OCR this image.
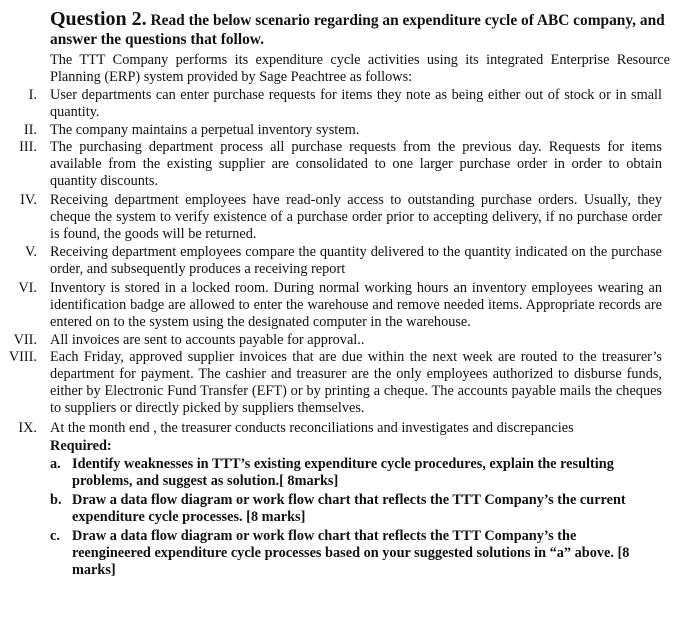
Question 2. Read the below scenario regarding an expenditure cycle of ABC company, and answer the questions that follow.
The TTT Company performs its expenditure cycle activities using its integrated Enterprise Resource Planning (ERP) system provided by Sage Peachtree as follows:
I. User departments can enter purchase requests for items they note as being either out of stock or in small quantity.
II. The company maintains a perpetual inventory system.
III. The purchasing department process all purchase requests from the previous day. Requests for items available from the existing supplier are consolidated to one larger purchase order in order to obtain quantity discounts.
IV. Receiving department employees have read-only access to outstanding purchase orders. Usually, they cheque the system to verify existence of a purchase order prior to accepting delivery, if no purchase order is found, the goods will be returned.
V. Receiving department employees compare the quantity delivered to the quantity indicated on the purchase order, and subsequently produces a receiving report
VI. Inventory is stored in a locked room. During normal working hours an inventory employees wearing an identification badge are allowed to enter the warehouse and remove needed items. Appropriate records are entered on to the system using the designated computer in the warehouse.
VII. All invoices are sent to accounts payable for approval..
VIII. Each Friday, approved supplier invoices that are due within the next week are routed to the treasurer’s department for payment. The cashier and treasurer are the only employees authorized to disburse funds, either by Electronic Fund Transfer (EFT) or by printing a cheque. The accounts payable mails the cheques to suppliers or directly picked by suppliers themselves.
IX. At the month end , the treasurer conducts reconciliations and investigates and discrepancies
Required:
a. Identify weaknesses in TTT’s existing expenditure cycle procedures, explain the resulting problems, and suggest as solution.[ 8marks]
b. Draw a data flow diagram or work flow chart that reflects the TTT Company’s the current expenditure cycle processes. [8 marks]
c. Draw a data flow diagram or work flow chart that reflects the TTT Company’s the reengineered expenditure cycle processes based on your suggested solutions in “a” above. [8 marks]
